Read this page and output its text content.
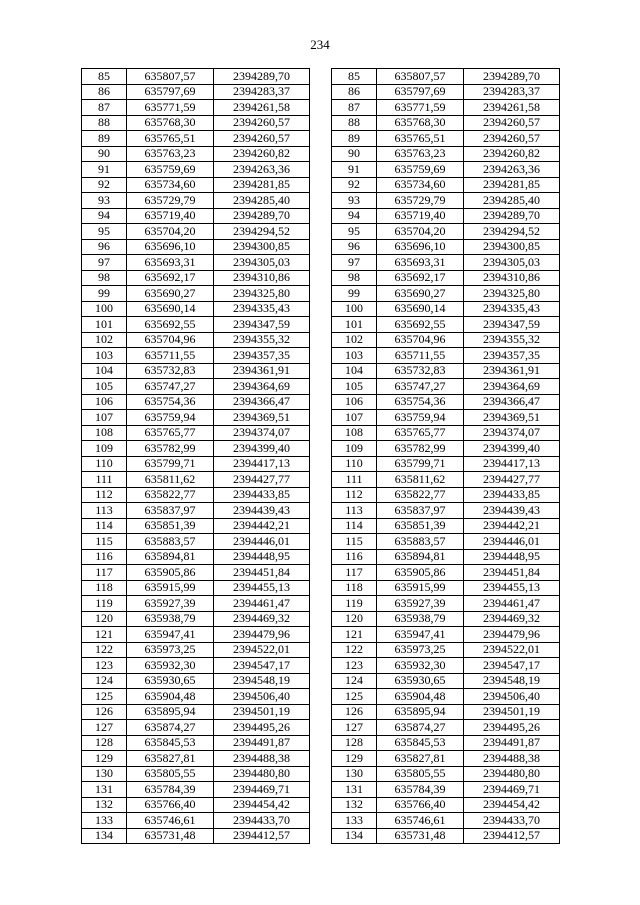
234
85	635807,57	2394289,70		85	635807,57	2394289,70
86	635797,69	2394283,37		86	635797,69	2394283,37
87	635771,59	2394261,58		87	635771,59	2394261,58
88	635768,30	2394260,57		88	635768,30	2394260,57
89	635765,51	2394260,57		89	635765,51	2394260,57
90	635763,23	2394260,82		90	635763,23	2394260,82
91	635759,69	2394263,36		91	635759,69	2394263,36
92	635734,60	2394281,85		92	635734,60	2394281,85
93	635729,79	2394285,40		93	635729,79	2394285,40
94	635719,40	2394289,70		94	635719,40	2394289,70
95	635704,20	2394294,52		95	635704,20	2394294,52
96	635696,10	2394300,85		96	635696,10	2394300,85
97	635693,31	2394305,03		97	635693,31	2394305,03
98	635692,17	2394310,86		98	635692,17	2394310,86
99	635690,27	2394325,80		99	635690,27	2394325,80
100	635690,14	2394335,43		100	635690,14	2394335,43
101	635692,55	2394347,59		101	635692,55	2394347,59
102	635704,96	2394355,32		102	635704,96	2394355,32
103	635711,55	2394357,35		103	635711,55	2394357,35
104	635732,83	2394361,91		104	635732,83	2394361,91
105	635747,27	2394364,69		105	635747,27	2394364,69
106	635754,36	2394366,47		106	635754,36	2394366,47
107	635759,94	2394369,51		107	635759,94	2394369,51
108	635765,77	2394374,07		108	635765,77	2394374,07
109	635782,99	2394399,40		109	635782,99	2394399,40
110	635799,71	2394417,13		110	635799,71	2394417,13
111	635811,62	2394427,77		111	635811,62	2394427,77
112	635822,77	2394433,85		112	635822,77	2394433,85
113	635837,97	2394439,43		113	635837,97	2394439,43
114	635851,39	2394442,21		114	635851,39	2394442,21
115	635883,57	2394446,01		115	635883,57	2394446,01
116	635894,81	2394448,95		116	635894,81	2394448,95
117	635905,86	2394451,84		117	635905,86	2394451,84
118	635915,99	2394455,13		118	635915,99	2394455,13
119	635927,39	2394461,47		119	635927,39	2394461,47
120	635938,79	2394469,32		120	635938,79	2394469,32
121	635947,41	2394479,96		121	635947,41	2394479,96
122	635973,25	2394522,01		122	635973,25	2394522,01
123	635932,30	2394547,17		123	635932,30	2394547,17
124	635930,65	2394548,19		124	635930,65	2394548,19
125	635904,48	2394506,40		125	635904,48	2394506,40
126	635895,94	2394501,19		126	635895,94	2394501,19
127	635874,27	2394495,26		127	635874,27	2394495,26
128	635845,53	2394491,87		128	635845,53	2394491,87
129	635827,81	2394488,38		129	635827,81	2394488,38
130	635805,55	2394480,80		130	635805,55	2394480,80
131	635784,39	2394469,71		131	635784,39	2394469,71
132	635766,40	2394454,42		132	635766,40	2394454,42
133	635746,61	2394433,70		133	635746,61	2394433,70
134	635731,48	2394412,57		134	635731,48	2394412,57
